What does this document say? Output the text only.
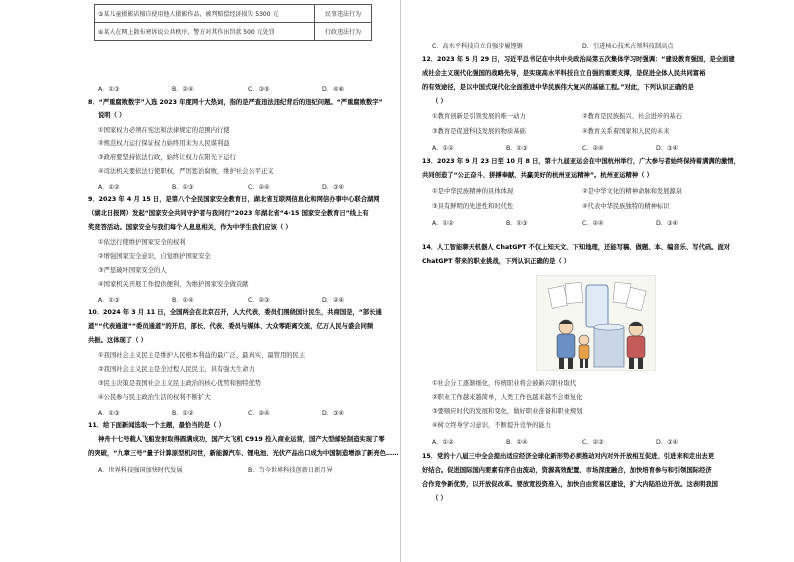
⑤某儿童摄影店擅自使用他人摄影作品，被判赔偿经济损失 5300 元	民事违法行为
⑥某人在网上散布寒诉说公共秩序，警方对其作出罚款 500 元处罚	行政违法行为
A．①③	B．②④	C．③⑤	D．④⑥
8．“严重腐败数字”入选 2023 年度网十大热词，指的是严查违法违纪背后的违纪问题。“严重腐败数字”
说明（ ）
①国家权力必须在宪法和法律规定的范围内行使
②规范权力运行保证权力始终用来为人民谋利益
③政府要坚持依法行政，始终让权力在阳光下运行
④司法机关要依法行使职权，严厉惩治腐败，维护社会公平正义
A．①②	B．①③	C．②④	D．③④
9．2023 年 4 月 15 日，是第八个全民国家安全教育日，湖北省互联网信息化和网信办事中心联合湖网
（湖北日报网）发起“国家安全共同守护者与我同行”2023 年湖北省“4·15 国家安全教育日”线上有
奖竞答活动。国家安全与我们每个人息息相关，作为中学生我们应该（ ）
①依法行使维护国家安全的权利
②增强国家安全意识，自觉维护国家安全
③严惩破坏国家安全的人
④国家机关开展工作提供便利，为维护国家安全做贡献
A．①③	B．①④	C．②③	D．②④
10．2024 年 3 月 11 日，全国两会在北京召开，人大代表、委员们围绕国计民生，共商国是，“部长通
道”“代表通道”“委员通道”的开启，部长、代表、委员与媒体、大众零距离交流，亿万人民与盛会同频
共振。这体现了（ ）
①我国社会主义民主是维护人民根本利益的最广泛、最真实、最管用的民主
②我国社会主义民主是全过程人民民主，具有强大生命力
③民主决策是我国社会主义民主政治的核心优势和独特优势
④公民参与民主政治生活的权利不断扩大
A．①③	B．①②	C．②④	D．③④
11．给下面新闻选取一个主题，最恰当的是（ ）
神舟十七号载人飞船发射取得圆满成功，国产大飞机 C919 投入商业运营，国产大型邮轮制造实现了零
的突破，“九章三号”量子计算原型机问世，新能源汽车、锂电池、光伏产品出口成为中国制造增添了新亮色……
A．世界科技强国加快时代发展	B．当今世界科技创新日新月异
C．高水平科技自立自强步履铿锵	D．引进核心技术占领科技制高点
12．2023 年 5 月 29 日，习近平总书记在中共中央政治局第五次集体学习时强调：“建设教育强国，是全面建
成社会主义现代化强国的战略先导，是实现高水平科技自立自强的重要支撑，是促进全体人民共同富裕
的有效途径，是以中国式现代化全面推进中华民族伟大复兴的基础工程。”对此，下列认识正确的是
（ ）
①教育创新是引领发展的唯一动力	②教育是民族振兴、社会进步的基石
③教育是促进科技发展的物质基础	④教育关系着国家和人民的未来
A．①②	B．①③	C．②④	D．③④
13．2023 年 9 月 23 日至 10 月 8 日，第十九届亚运会在中国杭州举行，广大参与者始终保持着满满的激情，
共同创造了“公正奋斗、拼搏奉献、共赢美好的杭州亚运精神”。杭州亚运精神（ ）
①是中华民族精神的具体体现	②是中华文化的精神命脉和发展源泉
③具有鲜明的先进性和时代性	④代表中华民族独特的精神标识
A．①②	B．①③	C．②④	D．③④
14．人工智能聊天机器人 ChatGPT 不仅上知天文、下知地理，还能写稿、做题、本、编音乐、写代码。面对
ChatGPT 带来的职业挑战，下列认识正确的是（ ）
①社会分工逐渐细化，传统职业将会被新兴职业取代
②职业工作越来越简单，人类工作也越来越不会重复化
③要顺应时代的发展和变化，做好职业准备和职业规划
④树立终身学习意识，不断提升竞争的能力
A．①②	B．①④	C．②③	D．③④
15．党的十八届三中全会提出适应经济全球化新形势必须推动对内对外开放相互促进、引进来和走出去更
好结合。促进国际国内要素有序自由流动，资源高效配置、市场深度融合，加快培育参与和引领国际经济
合作竞争新优势，以开放促改革。要放宽投资准入，加快自由贸易区建设，扩大内陆沿边开放。这表明我国
（ ）
